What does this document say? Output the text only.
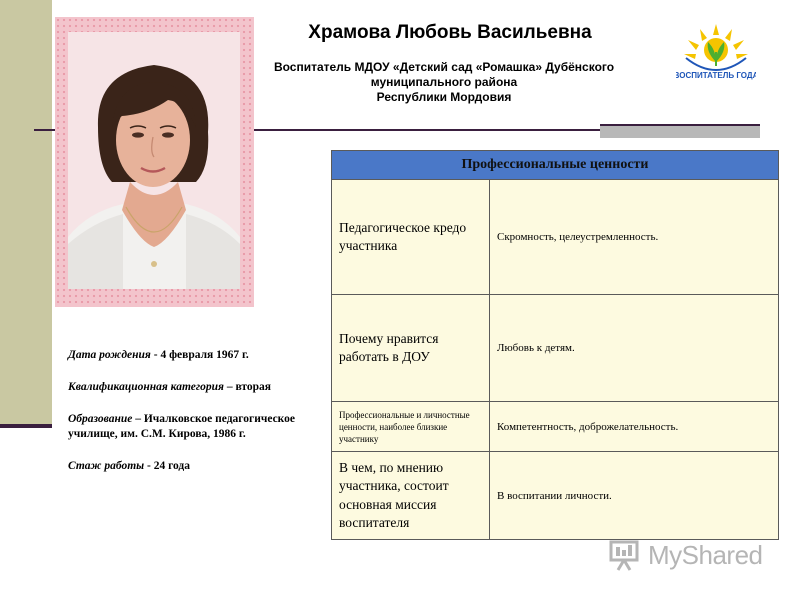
Храмова Любовь Васильевна
Воспитатель МДОУ «Детский сад «Ромашка» Дубёнского
муниципального района
Республики Мордовия
ВОСПИТАТЕЛЬ ГОДА

Дата рождения - 4 февраля 1967 г.

Квалификационная категория – вторая

Образование – Ичалковское педагогическое училище, им. С.М. Кирова, 1986 г.

Стаж работы - 24 года

Профессиональные ценности	
Педагогическое кредо участника	Скромность, целеустремленность.
Почему нравится работать в ДОУ	Любовь к детям.
Профессиональные и личностные ценности, наиболее близкие участнику	Компетентность, доброжелательность.
В чем, по мнению участника, состоит основная миссия воспитателя	В воспитании личности.
MyShared
